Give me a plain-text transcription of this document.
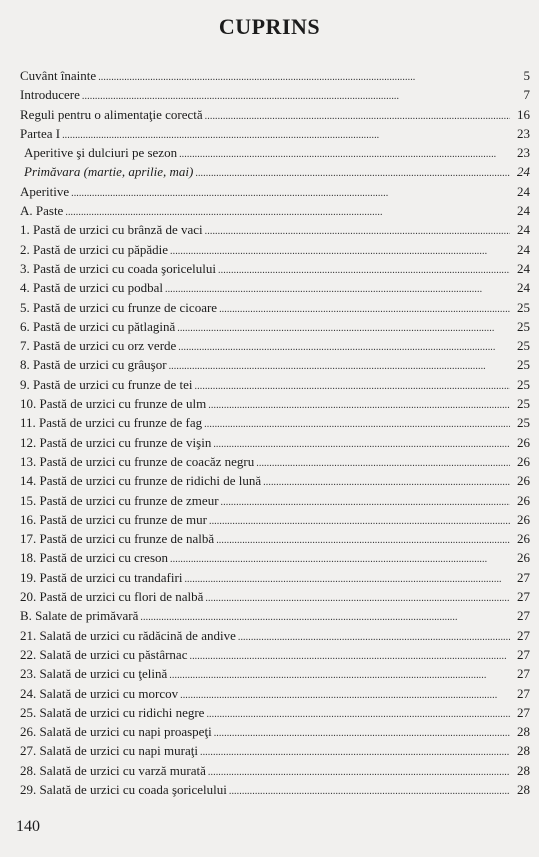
CUPRINS
Cuvânt înainte . . .	5
Introducere . . .	7
Reguli pentru o alimentaţie corectă . . .	16
Partea I . . .	23
Aperitive şi dulciuri pe sezon . . .	23
Primăvara (martie, aprilie, mai) . . .	24
Aperitive . . .	24
A. Paste . . .	24
1. Pastă de urzici cu brânză de vaci . . .	24
2. Pastă de urzici cu păpădie . . .	24
3. Pastă de urzici cu coada şoricelului . . .	24
4. Pastă de urzici cu podbal . . .	24
5. Pastă de urzici cu frunze de cicoare . . .	25
6. Pastă de urzici cu pătlagină . . .	25
7. Pastă de urzici cu orz verde . . .	25
8. Pastă de urzici cu grâuşor . . .	25
9. Pastă de urzici cu frunze de tei . . .	25
10. Pastă de urzici cu frunze de ulm . . .	25
11. Pastă de urzici cu frunze de fag . . .	25
12. Pastă de urzici cu frunze de vişin . . .	26
13. Pastă de urzici cu frunze de coacăz negru . . .	26
14. Pastă de urzici cu frunze de ridichi de lună . . .	26
15. Pastă de urzici cu frunze de zmeur . . .	26
16. Pastă de urzici cu frunze de mur . . .	26
17. Pastă de urzici cu frunze de nalbă . . .	26
18. Pastă de urzici cu creson . . .	26
19. Pastă de urzici cu trandafiri . . .	27
20. Pastă de urzici cu flori de nalbă . . .	27
B. Salate de primăvară . . .	27
21. Salată de urzici cu rădăcină de andive . . .	27
22. Salată de urzici cu păstârnac . . .	27
23. Salată de urzici cu ţelină . . .	27
24. Salată de urzici cu morcov . . .	27
25. Salată de urzici cu ridichi negre . . .	27
26. Salată de urzici cu napi proaspeţi . . .	28
27. Salată de urzici cu napi muraţi . . .	28
28. Salată de urzici cu varză murată . . .	28
29. Salată de urzici cu coada şoricelului . . .	28
140
